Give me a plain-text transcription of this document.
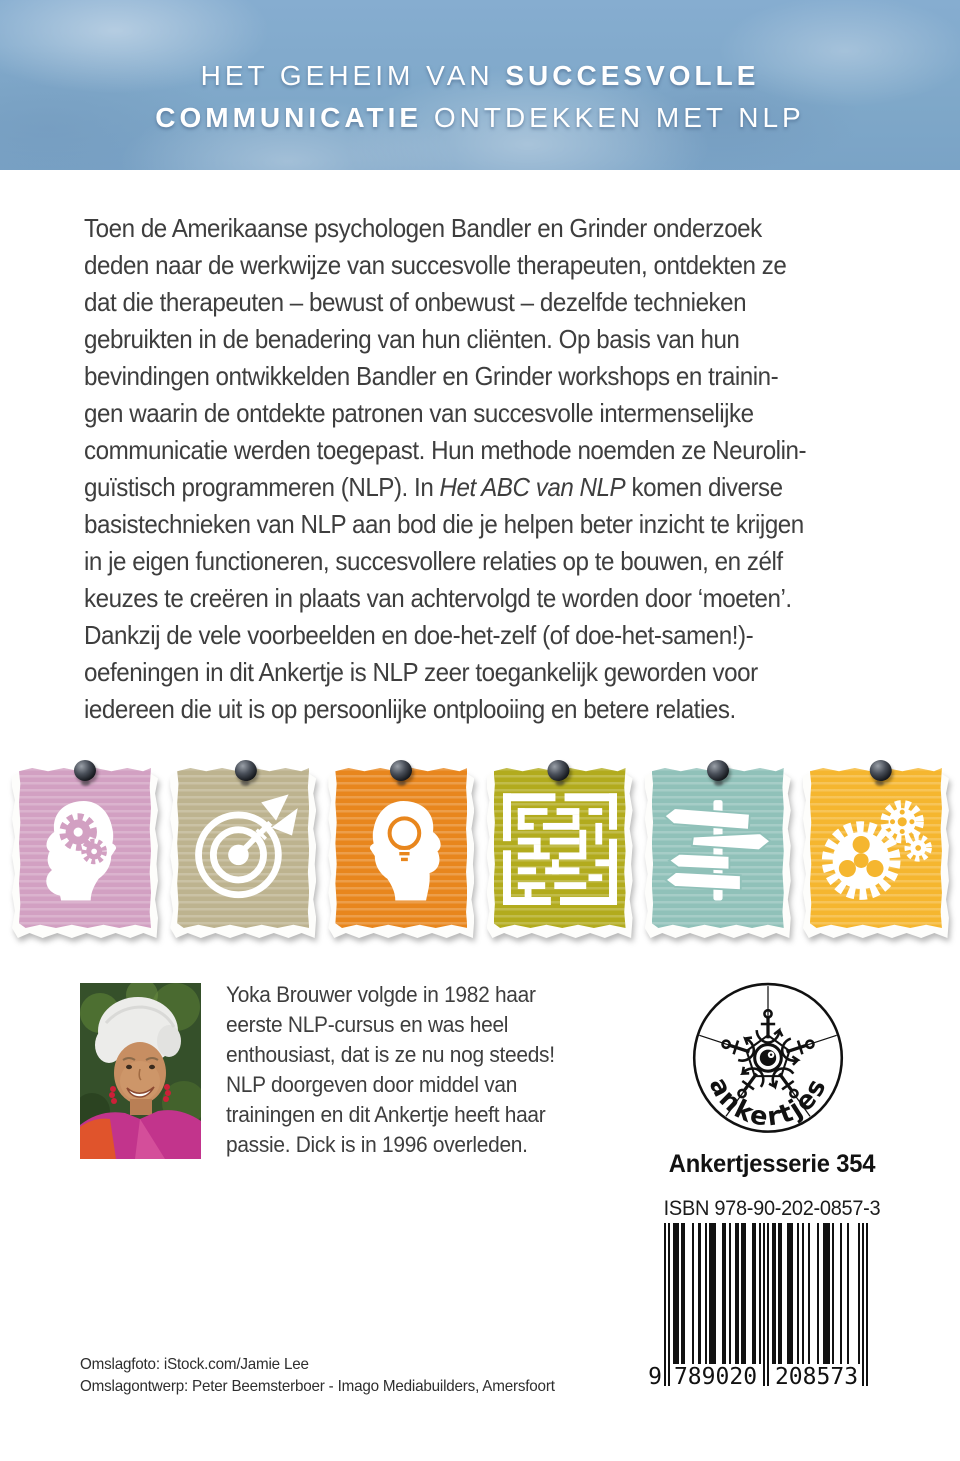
HET GEHEIM VAN SUCCESVOLLE
COMMUNICATIE ONTDEKKEN MET NLP
Toen de Amerikaanse psychologen Bandler en Grinder onderzoek
deden naar de werkwijze van succesvolle therapeuten, ontdekten ze
dat die therapeuten – bewust of onbewust – dezelfde technieken
gebruikten in de benadering van hun cliënten. Op basis van hun
bevindingen ontwikkelden Bandler en Grinder workshops en trainin-
gen waarin de ontdekte patronen van succesvolle intermenselijke
communicatie werden toegepast. Hun methode noemden ze Neurolin-
guïstisch programmeren (NLP). In Het ABC van NLP komen diverse
basistechnieken van NLP aan bod die je helpen beter inzicht te krijgen
in je eigen functioneren, succesvollere relaties op te bouwen, en zélf
keuzes te creëren in plaats van achtervolgd te worden door ‘moeten’.
Dankzij de vele voorbeelden en doe-het-zelf (of doe-het-samen!)-
oefeningen in dit Ankertje is NLP zeer toegankelijk geworden voor
iedereen die uit is op persoonlijke ontplooiing en betere relaties.
Yoka Brouwer volgde in 1982 haar
eerste NLP-cursus en was heel
enthousiast, dat is ze nu nog steeds!
NLP doorgeven door middel van
trainingen en dit Ankertje heeft haar
passie. Dick is in 1996 overleden.
ankertjes
Ankertjesserie 354
ISBN 978-90-202-0857-3
9 789020 208573
Omslagfoto: iStock.com/Jamie Lee
Omslagontwerp: Peter Beemsterboer - Imago Mediabuilders, Amersfoort
